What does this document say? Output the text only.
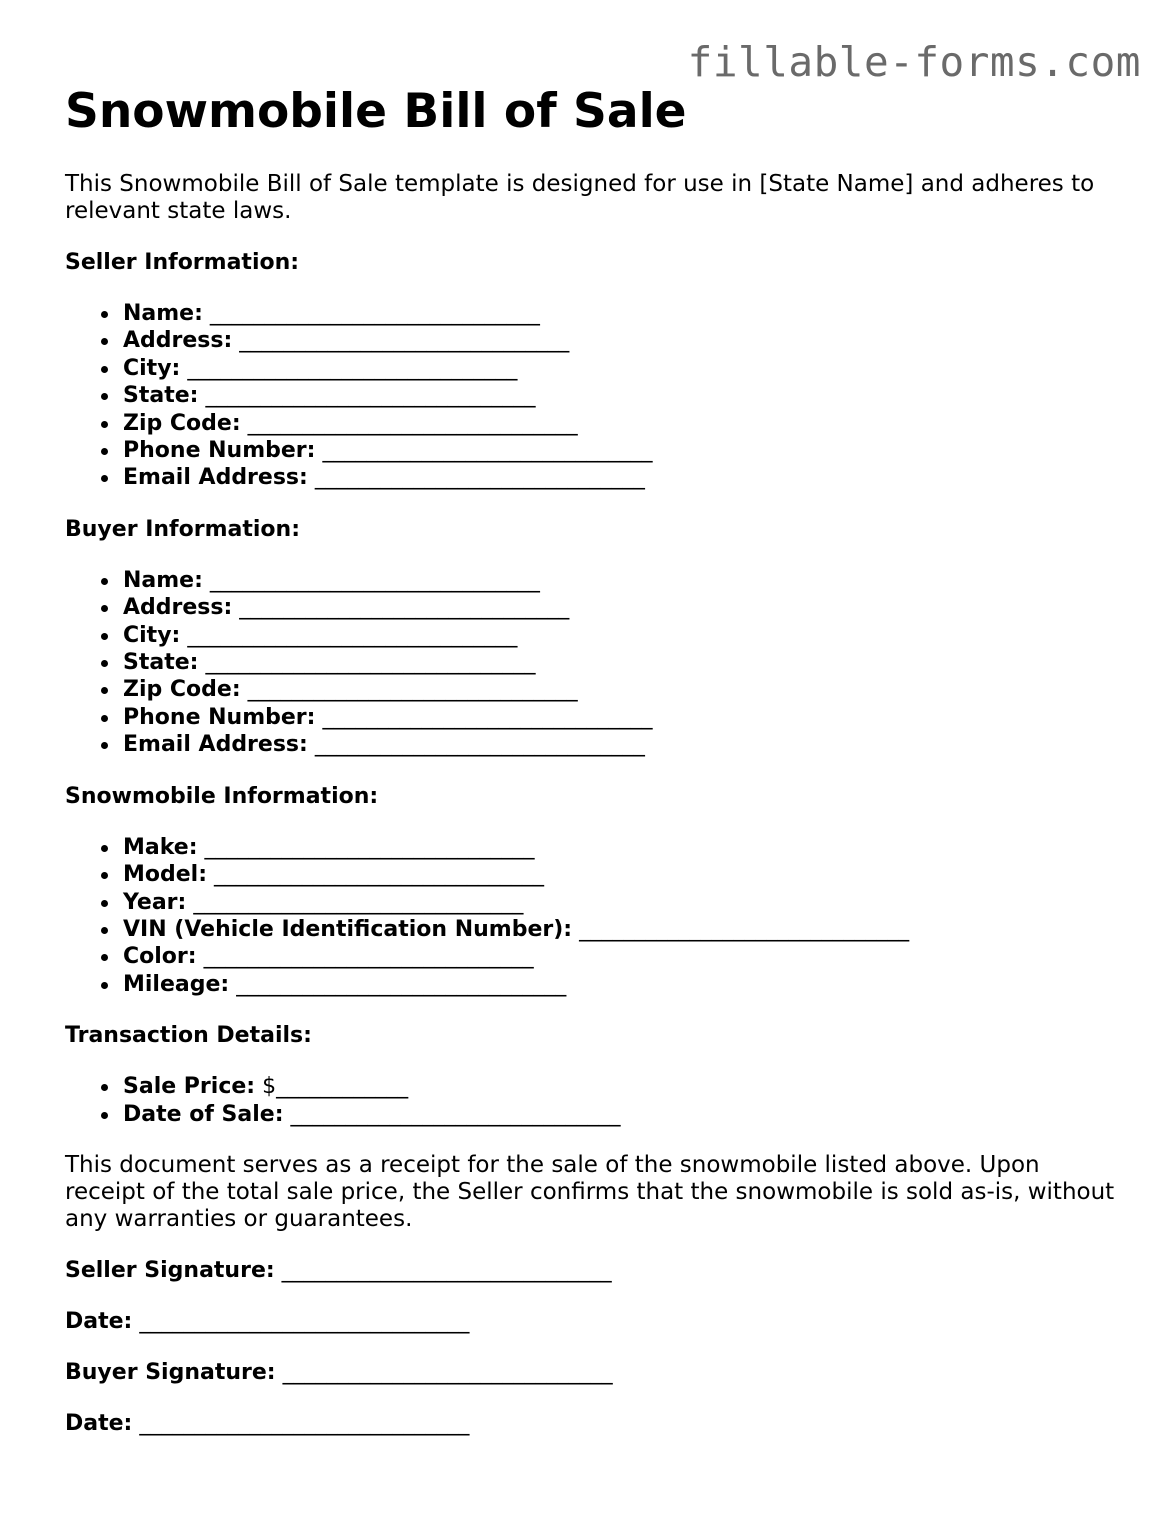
fillable-forms.com
Snowmobile Bill of Sale

This Snowmobile Bill of Sale template is designed for use in [State Name] and adheres to relevant state laws.

Seller Information:
Name: ______________________________
Address: ______________________________
City: ______________________________
State: ______________________________
Zip Code: ______________________________
Phone Number: ______________________________
Email Address: ______________________________
Buyer Information:
Name: ______________________________
Address: ______________________________
City: ______________________________
State: ______________________________
Zip Code: ______________________________
Phone Number: ______________________________
Email Address: ______________________________
Snowmobile Information:
Make: ______________________________
Model: ______________________________
Year: ______________________________
VIN (Vehicle Identification Number): ______________________________
Color: ______________________________
Mileage: ______________________________
Transaction Details:
Sale Price: $____________
Date of Sale: ______________________________

This document serves as a receipt for the sale of the snowmobile listed above. Upon receipt of the total sale price, the Seller confirms that the snowmobile is sold as-is, without any warranties or guarantees.

Seller Signature: ______________________________
Date: ______________________________
Buyer Signature: ______________________________
Date: ______________________________
